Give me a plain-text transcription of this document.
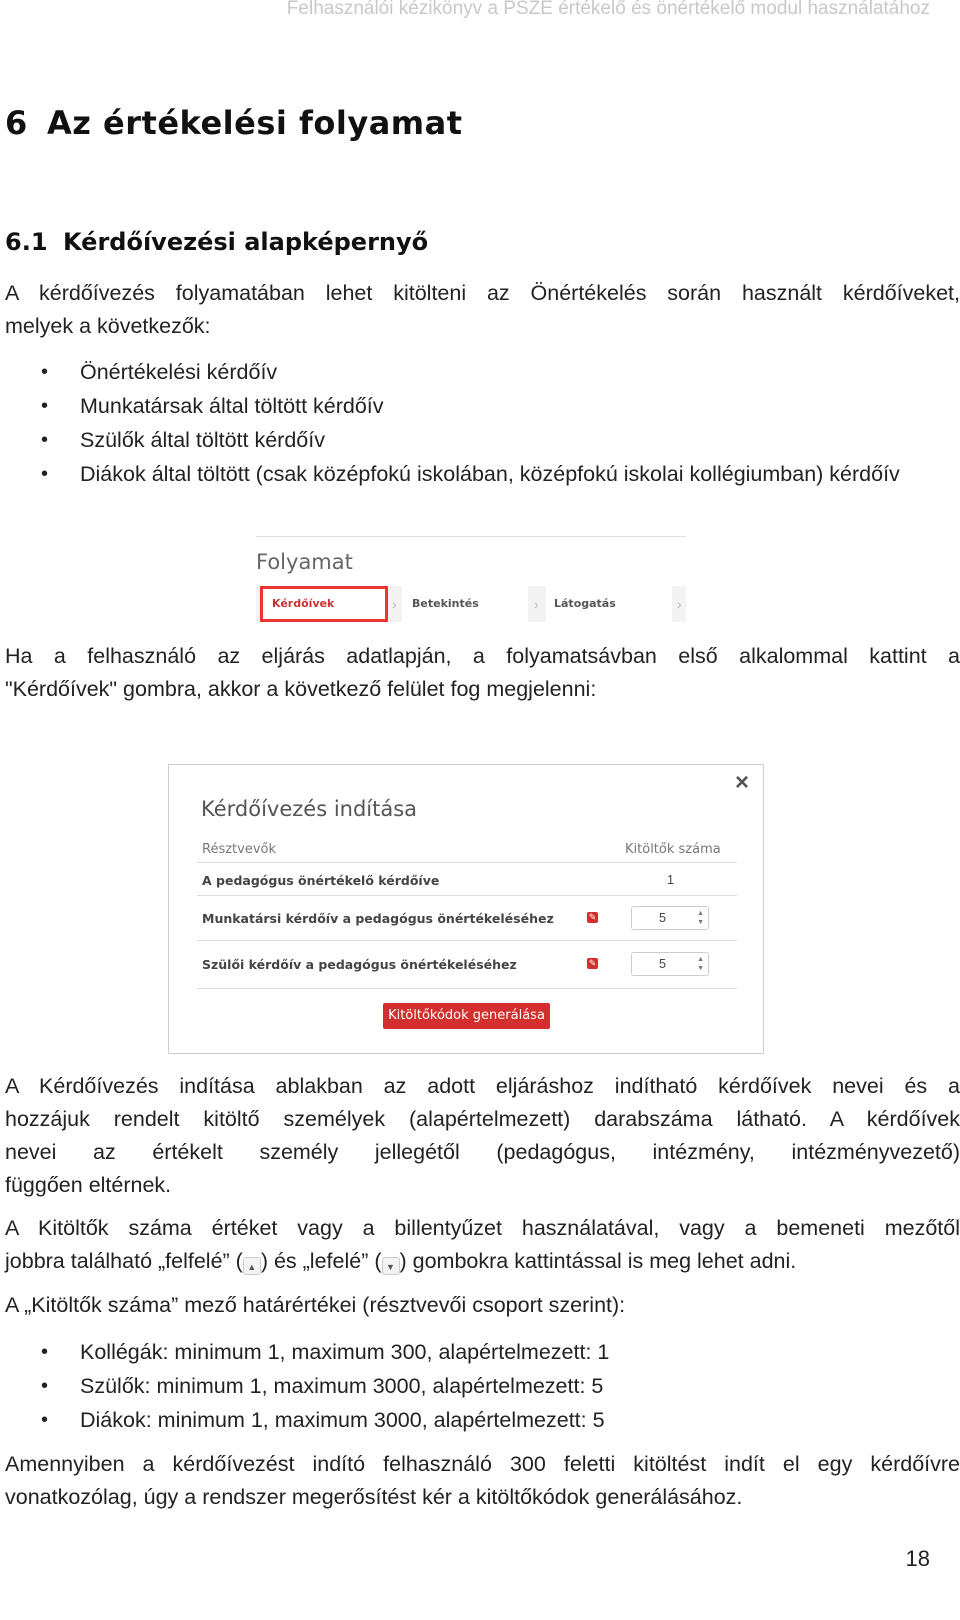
Felhasználói kézikönyv a PSZE értékelő és önértékelő modul használatához
6 Az értékelési folyamat
6.1 Kérdőívezési alapképernyő
A kérdőívezés folyamatában lehet kitölteni az Önértékelés során használt kérdőíveket,
melyek a következők:
• Önértékelési kérdőív
• Munkatársak által töltött kérdőív
• Szülők által töltött kérdőív
• Diákok által töltött (csak középfokú iskolában, középfokú iskolai kollégiumban) kérdőív
Folyamat
Kérdőívek	›	Betekintés	›	Látogatás	›
Ha a felhasználó az eljárás adatlapján, a folyamatsávban első alkalommal kattint a
"Kérdőívek" gombra, akkor a következő felület fog megjelenni:
×
Kérdőívezés indítása
Résztvevők	Kitöltők száma
A pedagógus önértékelő kérdőíve	1
Munkatársi kérdőív a pedagógus önértékeléséhez	✎	5	▲
▼
Szülői kérdőív a pedagógus önértékeléséhez	✎	5	▲
▼
Kitöltőkódok generálása
A Kérdőívezés indítása ablakban az adott eljáráshoz indítható kérdőívek nevei és a
hozzájuk rendelt kitöltő személyek (alapértelmezett) darabszáma látható. A kérdőívek
nevei az értékelt személy jellegétől (pedagógus, intézmény, intézményvezető)
függően eltérnek.
A Kitöltők száma értéket vagy a billentyűzet használatával, vagy a bemeneti mezőtől
jobbra található „felfelé” ( ▲ ) és „lefelé” ( ▼ ) gombokra kattintással is meg lehet adni.
A „Kitöltők száma” mező határértékei (résztvevői csoport szerint):
• Kollégák: minimum 1, maximum 300, alapértelmezett: 1
• Szülők: minimum 1, maximum 3000, alapértelmezett: 5
• Diákok: minimum 1, maximum 3000, alapértelmezett: 5
Amennyiben a kérdőívezést indító felhasználó 300 feletti kitöltést indít el egy kérdőívre
vonatkozólag, úgy a rendszer megerősítést kér a kitöltőkódok generálásához.
18
